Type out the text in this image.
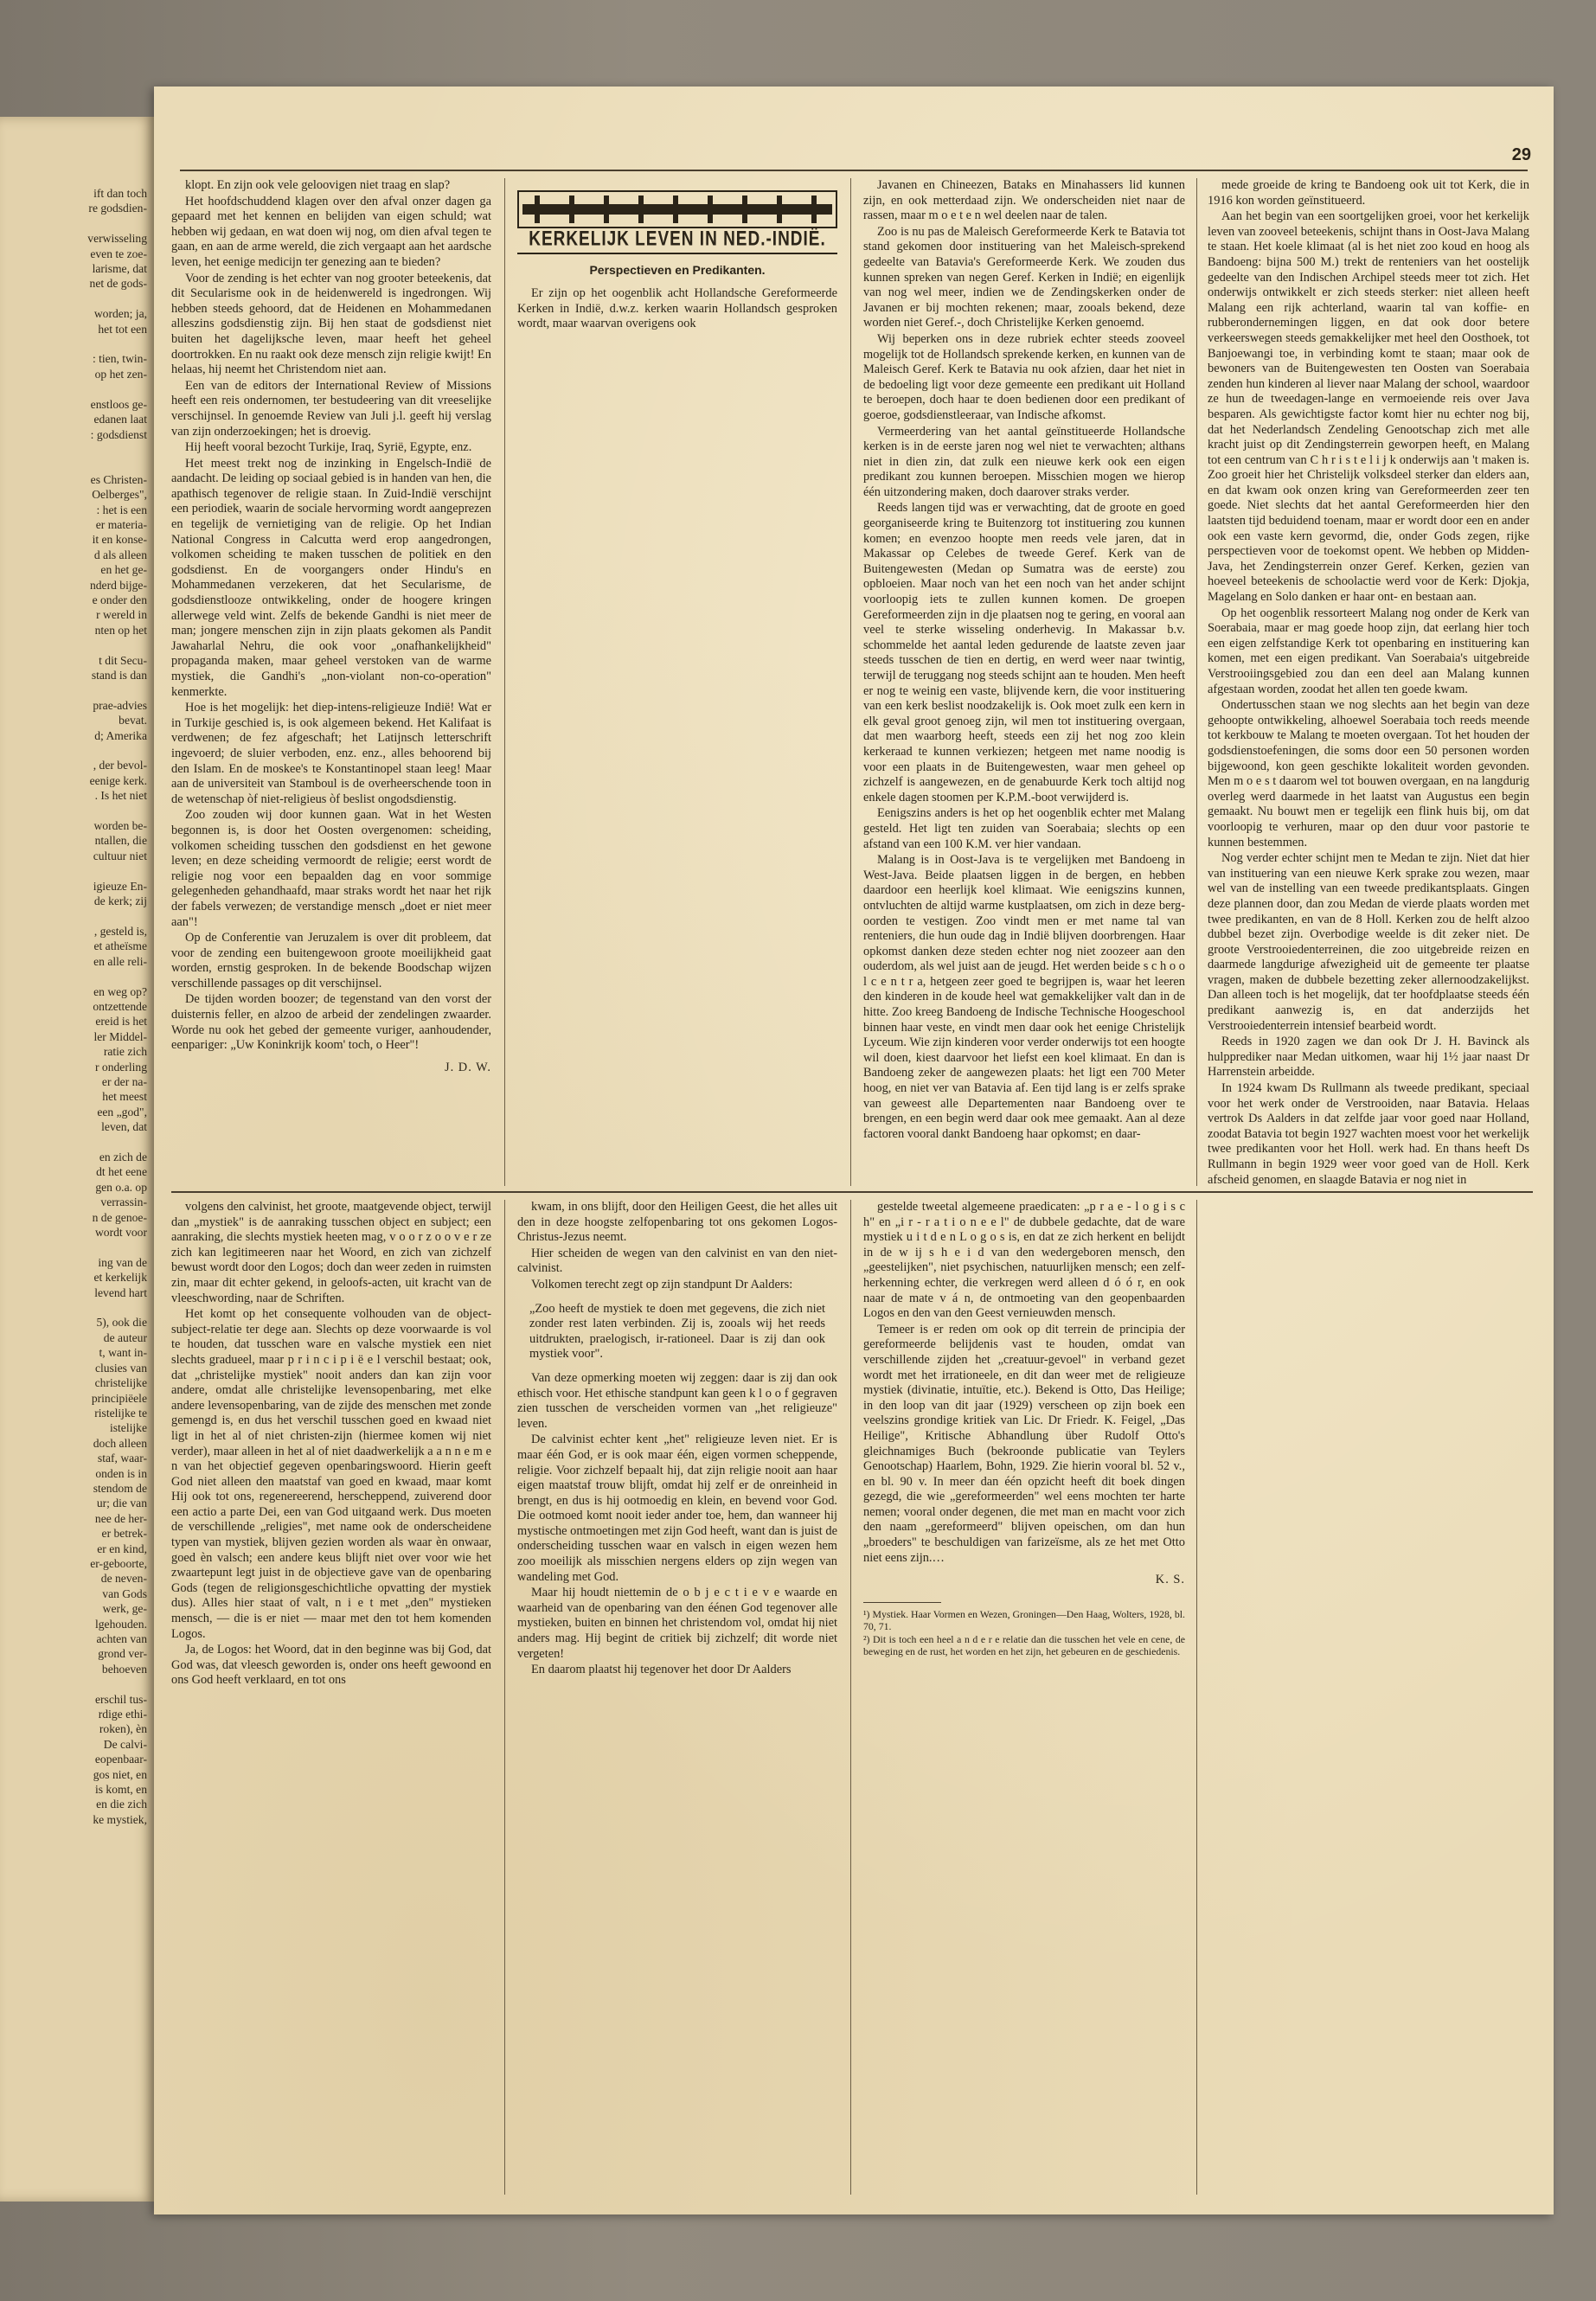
ift dan toch
re godsdien-

verwisseling
even te zoe-
larisme, dat
net de gods-

worden; ja,
het tot een

: tien, twin-
op het zen-

enstloos ge-
edanen laat
: godsdienst

es Christen-
Oelberges",
: het is een
er materia-
it en konse-
d als alleen
en het ge-
nderd bijge-
e onder den
r wereld in
nten op het

t dit Secu-
stand is dan

prae-advies
bevat.
d; Amerika

, der bevol-
eenige kerk.
. Is het niet

worden be-
ntallen, die
cultuur niet

igieuze En-
de kerk; zij

, gesteld is,
et atheïsme
en alle reli-

en weg op?
ontzettende
ereid is het
ler Middel-
ratie zich
r onderling
er der na-
het meest
een „god",
leven, dat

en zich de
dt het eene
gen o.a. op
verrassin-
n de genoe-
wordt voor

ing van de
et kerkelijk
levend hart

5), ook die
de auteur
t, want in-
clusies van
christelijke
principiëele
ristelijke te
istelijke
doch alleen
staf, waar-
onden is in
stendom de
ur; die van
nee de her-
er betrek-
er en kind,
er-geboorte,
de neven-
van Gods
werk, ge-
lgehouden.
achten van
grond ver-
behoeven

erschil tus-
rdige ethi-
roken), èn
De calvi-
eopenbaar-
gos niet, en
is komt, en
en die zich
ke mystiek,
29

klopt. En zijn ook vele geloovigen niet traag en slap?

Het hoofdschuddend klagen over den afval onzer dagen ga gepaard met het kennen en belijden van eigen schuld; wat hebben wij gedaan, en wat doen wij nog, om dien afval tegen te gaan, en aan de arme wereld, die zich vergaapt aan het aardsche leven, het eenige medicijn ter genezing aan te bieden?

Voor de zending is het echter van nog grooter beteekenis, dat dit Secularisme ook in de heidenwereld is ingedrongen. Wij hebben steeds gehoord, dat de Heidenen en Mohammedanen alleszins godsdienstig zijn. Bij hen staat de godsdienst niet buiten het dagelijksche leven, maar heeft het geheel doortrokken. En nu raakt ook deze mensch zijn religie kwijt! En helaas, hij neemt het Christendom niet aan.

Een van de editors der International Review of Missions heeft een reis ondernomen, ter bestudeering van dit vreeselijke verschijnsel. In genoemde Review van Juli j.l. geeft hij verslag van zijn onderzoekingen; het is droevig.

Hij heeft vooral bezocht Turkije, Iraq, Syrië, Egypte, enz.

Het meest trekt nog de inzinking in Engelsch-Indië de aandacht. De leiding op sociaal gebied is in handen van hen, die apathisch tegenover de religie staan. In Zuid-Indië verschijnt een periodiek, waarin de sociale hervorming wordt aangeprezen en tegelijk de vernietiging van de religie. Op het Indian National Congress in Calcutta werd erop aangedrongen, volkomen scheiding te maken tusschen de politiek en den godsdienst. En de voorgangers onder Hindu's en Mohammedanen verzekeren, dat het Secularisme, de godsdienstlooze ontwikkeling, onder de hoogere kringen allerwege veld wint. Zelfs de bekende Gandhi is niet meer de man; jongere menschen zijn in zijn plaats gekomen als Pandit Jawaharlal Nehru, die ook voor „onafhankelijkheid" propaganda maken, maar geheel verstoken van de warme mystiek, die Gandhi's „non-violant non-co-operation" kenmerkte.

Hoe is het mogelijk: het diep-intens-religieuze Indië! Wat er in Turkije geschied is, is ook algemeen bekend. Het Kalifaat is verdwenen; de fez afgeschaft; het Latijnsch letterschrift ingevoerd; de sluier verboden, enz. enz., alles behoorend bij den Islam. En de moskee's te Konstantinopel staan leeg! Maar aan de universiteit van Stamboul is de overheerschende toon in de wetenschap òf niet-religieus òf beslist ongodsdienstig.

Zoo zouden wij door kunnen gaan. Wat in het Westen begonnen is, is door het Oosten overgenomen: scheiding, volkomen scheiding tusschen den godsdienst en het gewone leven; en deze scheiding vermoordt de religie; eerst wordt de religie nog voor een bepaalden dag en voor sommige gelegenheden gehandhaafd, maar straks wordt het naar het rijk der fabels verwezen; de verstandige mensch „doet er niet meer aan"!

Op de Conferentie van Jeruzalem is over dit probleem, dat voor de zending een buitengewoon groote moeilijkheid gaat worden, ernstig gesproken. In de bekende Boodschap wijzen verschillende passages op dit verschijnsel.

De tijden worden boozer; de tegenstand van den vorst der duisternis feller, en alzoo de arbeid der zendelingen zwaarder. Worde nu ook het gebed der gemeente vuriger, aanhoudender, eenpariger: „Uw Koninkrijk koom' toch, o Heer"!

J. D. W.
KERKELIJK LEVEN IN NED.-INDIË.
Perspectieven en Predikanten.

Er zijn op het oogenblik acht Hollandsche Gereformeerde Kerken in Indië, d.w.z. kerken waarin Hollandsch gesproken wordt, maar waarvan overigens ook

Javanen en Chineezen, Bataks en Minahassers lid kunnen zijn, en ook metterdaad zijn. We onderscheiden niet naar de rassen, maar m o e t e n wel deelen naar de talen.

Zoo is nu pas de Maleisch Gereformeerde Kerk te Batavia tot stand gekomen door instituering van het Maleisch-sprekend gedeelte van Batavia's Gereformeerde Kerk. We zouden dus kunnen spreken van negen Geref. Kerken in Indië; en eigenlijk van nog wel meer, indien we de Zendingskerken onder de Javanen er bij mochten rekenen; maar, zooals bekend, deze worden niet Geref.-, doch Christelijke Kerken genoemd.

Wij beperken ons in deze rubriek echter steeds zooveel mogelijk tot de Hollandsch sprekende kerken, en kunnen van de Maleisch Geref. Kerk te Batavia nu ook afzien, daar het niet in de bedoeling ligt voor deze gemeente een predikant uit Holland te beroepen, doch haar te doen bedienen door een predikant of goeroe, godsdienstleeraar, van Indische afkomst.

Vermeerdering van het aantal geïnstitueerde Hollandsche kerken is in de eerste jaren nog wel niet te verwachten; althans niet in dien zin, dat zulk een nieuwe kerk ook een eigen predikant zou kunnen beroepen. Misschien mogen we hierop één uitzondering maken, doch daarover straks verder.

Reeds langen tijd was er verwachting, dat de groote en goed georganiseerde kring te Buitenzorg tot instituering zou kunnen komen; en evenzoo hoopte men reeds vele jaren, dat in Makassar op Celebes de tweede Geref. Kerk van de Buitengewesten (Medan op Sumatra was de eerste) zou opbloeien. Maar noch van het een noch van het ander schijnt voorloopig iets te zullen kunnen komen. De groepen Gereformeerden zijn in dje plaatsen nog te gering, en vooral aan veel te sterke wisseling onderhevig. In Makassar b.v. schommelde het aantal leden gedurende de laatste zeven jaar steeds tusschen de tien en dertig, en werd weer naar twintig, terwijl de teruggang nog steeds schijnt aan te houden. Men heeft er nog te weinig een vaste, blijvende kern, die voor instituering van een kerk beslist noodzakelijk is. Ook moet zulk een kern in elk geval groot genoeg zijn, wil men tot instituering overgaan, dat men waarborg heeft, steeds een zij het nog zoo klein kerkeraad te kunnen verkiezen; hetgeen met name noodig is voor een plaats in de Buitengewesten, waar men geheel op zichzelf is aangewezen, en de genabuurde Kerk toch altijd nog enkele dagen stoomen per K.P.M.-boot verwijderd is.

Eenigszins anders is het op het oogenblik echter met Malang gesteld. Het ligt ten zuiden van Soerabaia; slechts op een afstand van een 100 K.M. ver hier vandaan.

Malang is in Oost-Java is te vergelijken met Bandoeng in West-Java. Beide plaatsen liggen in de bergen, en hebben daardoor een heerlijk koel klimaat. Wie eenigszins kunnen, ontvluchten de altijd warme kustplaatsen, om zich in deze berg-oorden te vestigen. Zoo vindt men er met name tal van renteniers, die hun oude dag in Indië blijven doorbrengen. Haar opkomst danken deze steden echter nog niet zoozeer aan den ouderdom, als wel juist aan de jeugd. Het werden beide s c h o o l c e n t r a, hetgeen zeer goed te begrijpen is, waar het leeren den kinderen in de koude heel wat gemakkelijker valt dan in de hitte. Zoo kreeg Bandoeng de Indische Technische Hoogeschool binnen haar veste, en vindt men daar ook het eenige Christelijk Lyceum. Wie zijn kinderen voor verder onderwijs tot een hoogte wil doen, kiest daarvoor het liefst een koel klimaat. En dan is Bandoeng zeker de aangewezen plaats: het ligt een 700 Meter hoog, en niet ver van Batavia af. Een tijd lang is er zelfs sprake van geweest alle Departementen naar Bandoeng over te brengen, en een begin werd daar ook mee gemaakt. Aan al deze factoren vooral dankt Bandoeng haar opkomst; en daar-

mede groeide de kring te Bandoeng ook uit tot Kerk, die in 1916 kon worden geïnstitueerd.

Aan het begin van een soortgelijken groei, voor het kerkelijk leven van zooveel beteekenis, schijnt thans in Oost-Java Malang te staan. Het koele klimaat (al is het niet zoo koud en hoog als Bandoeng: bijna 500 M.) trekt de renteniers van het oostelijk gedeelte van den Indischen Archipel steeds meer tot zich. Het onderwijs ontwikkelt er zich steeds sterker: niet alleen heeft Malang een rijk achterland, waarin tal van koffie- en rubberondernemingen liggen, en dat ook door betere verkeerswegen steeds gemakkelijker met heel den Oosthoek, tot Banjoewangi toe, in verbinding komt te staan; maar ook de bewoners van de Buitengewesten ten Oosten van Soerabaia zenden hun kinderen al liever naar Malang der school, waardoor ze hun de tweedagen-lange en vermoeiende reis over Java besparen. Als gewichtigste factor komt hier nu echter nog bij, dat het Nederlandsch Zendeling Genootschap zich met alle kracht juist op dit Zendingsterrein geworpen heeft, en Malang tot een centrum van C h r i s t e l i j k onderwijs aan 't maken is. Zoo groeit hier het Christelijk volksdeel sterker dan elders aan, en dat kwam ook onzen kring van Gereformeerden zeer ten goede. Niet slechts dat het aantal Gereformeerden hier den laatsten tijd beduidend toenam, maar er wordt door een en ander ook een vaste kern gevormd, die, onder Gods zegen, rijke perspectieven voor de toekomst opent. We hebben op Midden-Java, het Zendingsterrein onzer Geref. Kerken, gezien van hoeveel beteekenis de schoolactie werd voor de Kerk: Djokja, Magelang en Solo danken er haar ont- en bestaan aan.

Op het oogenblik ressorteert Malang nog onder de Kerk van Soerabaia, maar er mag goede hoop zijn, dat eerlang hier toch een eigen zelfstandige Kerk tot openbaring en instituering kan komen, met een eigen predikant. Van Soerabaia's uitgebreide Verstrooiingsgebied zou dan een deel aan Malang kunnen afgestaan worden, zoodat het allen ten goede kwam.

Ondertusschen staan we nog slechts aan het begin van deze gehoopte ontwikkeling, alhoewel Soerabaia toch reeds meende tot kerkbouw te Malang te moeten overgaan. Tot het houden der godsdienstoefeningen, die soms door een 50 personen worden bijgewoond, kon geen geschikte lokaliteit worden gevonden. Men m o e s t daarom wel tot bouwen overgaan, en na langdurig overleg werd daarmede in het laatst van Augustus een begin gemaakt. Nu bouwt men er tegelijk een flink huis bij, om dat voorloopig te verhuren, maar op den duur voor pastorie te kunnen bestemmen.

Nog verder echter schijnt men te Medan te zijn. Niet dat hier van instituering van een nieuwe Kerk sprake zou wezen, maar wel van de instelling van een tweede predikantsplaats. Gingen deze plannen door, dan zou Medan de vierde plaats worden met twee predikanten, en van de 8 Holl. Kerken zou de helft alzoo dubbel bezet zijn. Overbodige weelde is dit zeker niet. De groote Verstrooiedenterreinen, die zoo uitgebreide reizen en daarmede langdurige afwezigheid uit de gemeente ter plaatse vragen, maken de dubbele bezetting zeker allernoodzakelijkst. Dan alleen toch is het mogelijk, dat ter hoofdplaatse steeds één predikant aanwezig is, en dat anderzijds het Verstrooiedenterrein intensief bearbeid wordt.

Reeds in 1920 zagen we dan ook Dr J. H. Bavinck als hulpprediker naar Medan uitkomen, waar hij 1½ jaar naast Dr Harrenstein arbeidde.

In 1924 kwam Ds Rullmann als tweede predikant, speciaal voor het werk onder de Verstrooiden, naar Batavia. Helaas vertrok Ds Aalders in dat zelfde jaar voor goed naar Holland, zoodat Batavia tot begin 1927 wachten moest voor het werkelijk twee predikanten voor het Holl. werk had. En thans heeft Ds Rullmann in begin 1929 weer voor goed van de Holl. Kerk afscheid genomen, en slaagde Batavia er nog niet in

volgens den calvinist, het groote, maatgevende object, terwijl dan „mystiek" is de aanraking tusschen object en subject; een aanraking, die slechts mystiek heeten mag, v o o r z o o v e r ze zich kan legitimeeren naar het Woord, en zich van zichzelf bewust wordt door den Logos; doch dan weer zeden in ruimsten zin, maar dit echter gekend, in geloofs-acten, uit kracht van de vleeschwording, naar de Schriften.

Het komt op het consequente volhouden van de object-subject-relatie ter dege aan. Slechts op deze voorwaarde is vol te houden, dat tusschen ware en valsche mystiek een niet slechts gradueel, maar p r i n c i p i ë e l verschil bestaat; ook, dat „christelijke mystiek" nooit anders dan kan zijn voor andere, omdat alle christelijke levensopenbaring, met elke andere levensopenbaring, van de zijde des menschen met zonde gemengd is, en dus het verschil tusschen goed en kwaad niet ligt in het al of niet christen-zijn (hiermee komen wij niet verder), maar alleen in het al of niet daadwerkelijk a a n n e m e n van het objectief gegeven openbaringswoord. Hierin geeft God niet alleen den maatstaf van goed en kwaad, maar komt Hij ook tot ons, regenereerend, herscheppend, zuiverend door een actio a parte Dei, een van God uitgaand werk. Dus moeten de verschillende „religies", met name ook de onderscheidene typen van mystiek, blijven gezien worden als waar èn onwaar, goed èn valsch; een andere keus blijft niet over voor wie het zwaartepunt legt juist in de objectieve gave van de openbaring Gods (tegen de religionsgeschichtliche opvatting der mystiek dus). Alles hier staat of valt, n i e t met „den" mystieken mensch, — die is er niet — maar met den tot hem komenden Logos.

Ja, de Logos: het Woord, dat in den beginne was bij God, dat God was, dat vleesch geworden is, onder ons heeft gewoond en ons God heeft verklaard, en tot ons

kwam, in ons blijft, door den Heiligen Geest, die het alles uit den in deze hoogste zelfopenbaring tot ons gekomen Logos-Christus-Jezus neemt.

Hier scheiden de wegen van den calvinist en van den niet-calvinist.

Volkomen terecht zegt op zijn standpunt Dr Aalders:

„Zoo heeft de mystiek te doen met gegevens, die zich niet zonder rest laten verbinden. Zij is, zooals wij het reeds uitdrukten, praelogisch, ir-rationeel. Daar is zij dan ook mystiek voor".

Van deze opmerking moeten wij zeggen: daar is zij dan ook ethisch voor. Het ethische standpunt kan geen k l o o f gegraven zien tusschen de verscheiden vormen van „het religieuze" leven.

De calvinist echter kent „het" religieuze leven niet. Er is maar één God, er is ook maar één, eigen vormen scheppende, religie. Voor zichzelf bepaalt hij, dat zijn religie nooit aan haar eigen maatstaf trouw blijft, omdat hij zelf er de onreinheid in brengt, en dus is hij ootmoedig en klein, en bevend voor God. Die ootmoed komt nooit ieder ander toe, hem, dan wanneer hij mystische ontmoetingen met zijn God heeft, want dan is juist de onderscheiding tusschen waar en valsch in eigen wezen hem zoo moeilijk als misschien nergens elders op zijn wegen van wandeling met God.

Maar hij houdt niettemin de o b j e c t i e v e waarde en waarheid van de openbaring van den éénen God tegenover alle mystieken, buiten en binnen het christendom vol, omdat hij niet anders mag. Hij begint de critiek bij zichzelf; dit worde niet vergeten!

En daarom plaatst hij tegenover het door Dr Aalders

gestelde tweetal algemeene praedicaten: „p r a e - l o g i s c h" en „i r - r a t i o n e e l" de dubbele gedachte, dat de ware mystiek u i t d e n L o g o s is, en dat ze zich herkent en belijdt in de w ij s h e i d van den wedergeboren mensch, den „geestelijken", niet psychischen, natuurlijken mensch; een zelf-herkenning echter, die verkregen werd alleen d ó ó r, en ook naar de mate v á n, de ontmoeting van den geopenbaarden Logos en den van den Geest vernieuwden mensch.

Temeer is er reden om ook op dit terrein de principia der gereformeerde belijdenis vast te houden, omdat van verschillende zijden het „creatuur-gevoel" in verband gezet wordt met het irrationeele, en dit dan weer met de religieuze mystiek (divinatie, intuïtie, etc.). Bekend is Otto, Das Heilige; in den loop van dit jaar (1929) verscheen op zijn boek een veelszins grondige kritiek van Lic. Dr Friedr. K. Feigel, „Das Heilige", Kritische Abhandlung über Rudolf Otto's gleichnamiges Buch (bekroonde publicatie van Teylers Genootschap) Haarlem, Bohn, 1929. Zie hierin vooral bl. 52 v., en bl. 90 v. In meer dan één opzicht heeft dit boek dingen gezegd, die wie „gereformeerden" wel eens mochten ter harte nemen; vooral onder degenen, die met man en macht voor zich den naam „gereformeerd" blijven opeischen, om dan hun „broeders" te beschuldigen van farizeïsme, als ze het met Otto niet eens zijn.…

K. S.

¹) Mystiek. Haar Vormen en Wezen, Groningen—Den Haag, Wolters, 1928, bl. 70, 71.

²) Dit is toch een heel a n d e r e relatie dan die tusschen het vele en cene, de beweging en de rust, het worden en het zijn, het gebeuren en de geschiedenis.
